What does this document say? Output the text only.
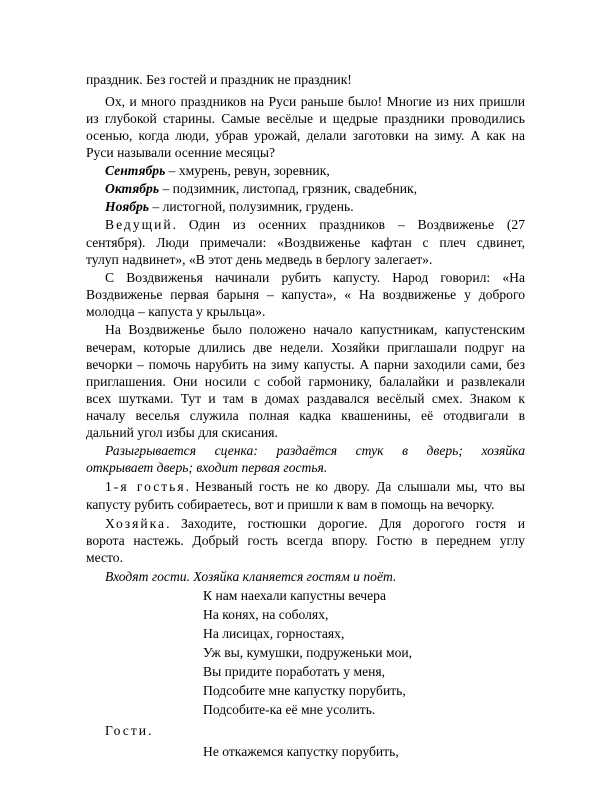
праздник. Без гостей и праздник не праздник!
Ох, и много праздников на Руси раньше было! Многие из них пришли
из глубокой старины. Самые весёлые и щедрые праздники проводились
осенью, когда люди, убрав урожай, делали заготовки на зиму. А как на
Руси называли осенние месяцы?
Сентябрь – хмурень, ревун, зоревник,
Октябрь – подзимник, листопад, грязник, свадебник,
Ноябрь – листогной, полузимник, грудень.
Ведущий. Один из осенних праздников – Воздвиженье (27
сентября). Люди примечали: «Воздвиженье кафтан с плеч сдвинет,
тулуп надвинет», «В этот день медведь в берлогу залегает».
С Воздвиженья начинали рубить капусту. Народ говорил: «На
Воздвиженье первая барыня – капуста», « На воздвиженье у доброго
молодца – капуста у крыльца».
На Воздвиженье было положено начало капустникам, капустенским
вечерам, которые длились две недели. Хозяйки приглашали подруг на
вечорки – помочь нарубить на зиму капусты. А парни заходили сами, без
приглашения. Они носили с собой гармонику, балалайки и развлекали
всех шутками. Тут и там в домах раздавался весёлый смех. Знаком к
началу веселья служила полная кадка квашенины, её отодвигали в
дальний угол избы для скисания.
Разыгрывается сценка: раздаётся стук в дверь; хозяйка
открывает дверь; входит первая гостья.
1-я гостья. Незваный гость не ко двору. Да слышали мы, что вы
капусту рубить собираетесь, вот и пришли к вам в помощь на вечорку.
Хозяйка. Заходите, гостюшки дорогие. Для дорогого гостя и
ворота настежь. Добрый гость всегда впору. Гостю в переднем углу
место.
Входят гости. Хозяйка кланяется гостям и поёт.
К нам наехали капустны вечера
На конях, на соболях,
На лисицах, горностаях,
Уж вы, кумушки, подруженьки мои,
Вы придите поработать у меня,
Подсобите мне капустку порубить,
Подсобите-ка её мне усолить.
Гости.
Не откажемся капустку порубить,
